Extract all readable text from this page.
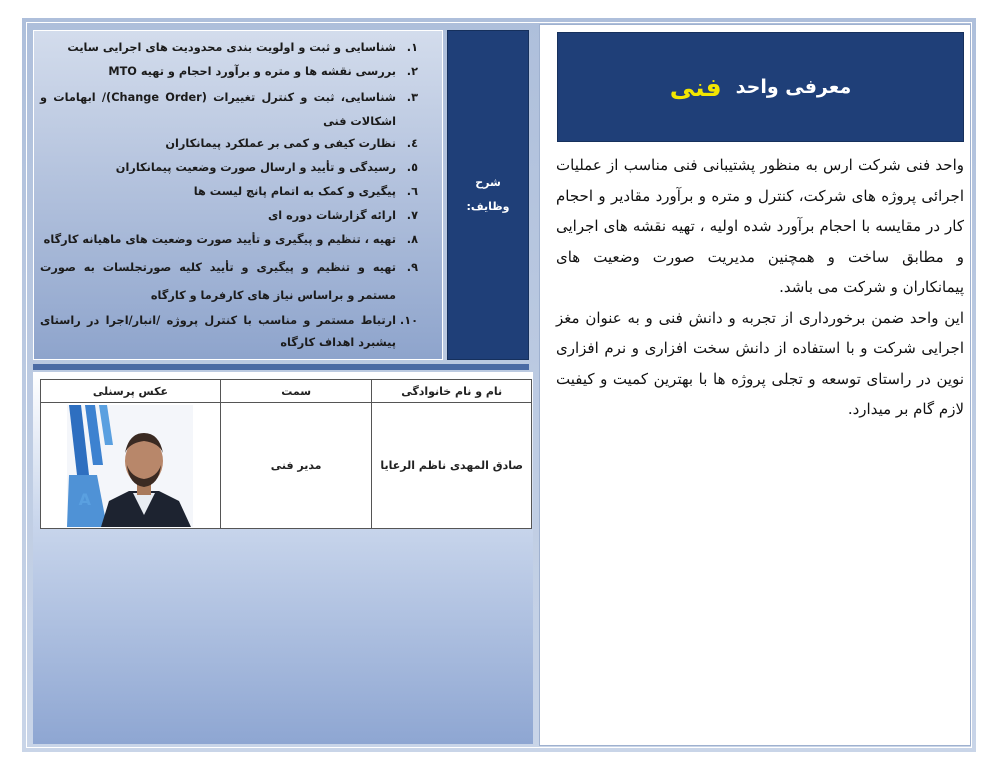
معرفی واحد
فنی

واحد فنی شرکت ارس به منظور پشتیبانی فنی مناسب از عملیات اجرائی پروژه های شرکت، کنترل و متره و برآورد مقادیر و احجام کار در مقایسه با احجام برآورد شده اولیه ، تهیه نقشه های اجرایی و مطابق ساخت و همچنین مدیریت صورت وضعیت های پیمانکاران و شرکت می باشد.

این واحد ضمن برخورداری از تجربه و دانش فنی و به عنوان مغز اجرایی شرکت و با استفاده از دانش سخت افزاری و نرم افزاری نوین در راستای توسعه و تجلی پروژه ها با بهترین کمیت و کیفیت لازم گام بر میدارد.

شرح
وظایف:
۱.
شناسایی و ثبت و اولویت بندی محدودیت های اجرایی سایت
۲.
بررسی نقشه ها و متره و برآورد احجام و تهیه MTO
۳.
شناسایی، ثبت و کنترل تغییرات (Change Order)/ ابهامات و اشکالات فنی
٤.
نظارت کیفی و کمی بر عملکرد پیمانکاران
٥.
رسیدگی و تأیید و ارسال صورت وضعیت پیمانکاران
٦.
پیگیری و کمک به اتمام پانچ لیست ها
۷.
ارائه گزارشات دوره ای
۸.
تهیه ، تنظیم و پیگیری و تأیید صورت وضعیت های ماهیانه کارگاه
۹.
تهیه و تنظیم و پیگیری و تأیید کلیه صورتجلسات به صورت مستمر و براساس نیاز های کارفرما و کارگاه
۱۰.
ارتباط مستمر و مناسب با کنترل پروژه /انبار/اجرا در راستای پیشبرد اهداف کارگاه
نام و نام خانوادگی	سمت	عکس پرسنلی
صادق المهدی ناظم الرعایا	مدیر فنی	A
